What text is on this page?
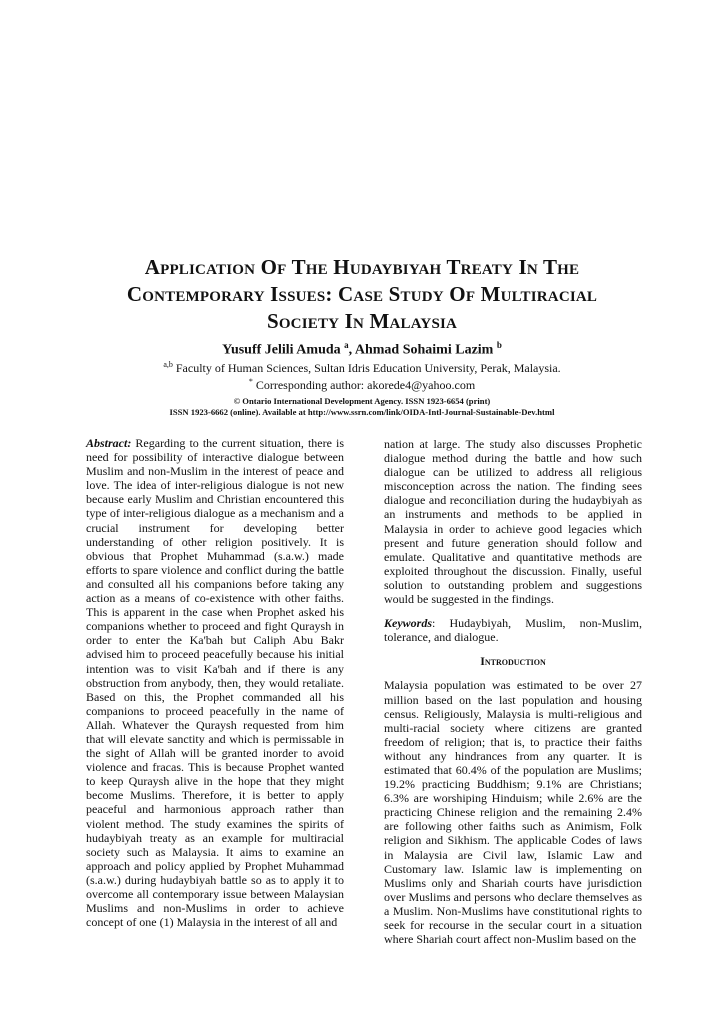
Application Of The Hudaybiyah Treaty In The
Contemporary Issues: Case Study Of Multiracial
Society In Malaysia
Yusuff Jelili Amuda $^a$, Ahmad Sohaimi Lazim $^b$
$^{a,b}$ Faculty of Human Sciences, Sultan Idris Education University, Perak, Malaysia.
* Corresponding author: akorede4@yahoo.com
© Ontario International Development Agency. ISSN 1923-6654 (print)
ISSN 1923-6662 (online). Available at http://www.ssrn.com/link/OIDA-Intl-Journal-Sustainable-Dev.html

Abstract: Regarding to the current situation, there is need for possibility of interactive dialogue between Muslim and non-Muslim in the interest of peace and love. The idea of inter-religious dialogue is not new because early Muslim and Christian encountered this type of inter-religious dialogue as a mechanism and a crucial instrument for developing better understanding of other religion positively. It is obvious that Prophet Muhammad (s.a.w.) made efforts to spare violence and conflict during the battle and consulted all his companions before taking any action as a means of co-existence with other faiths. This is apparent in the case when Prophet asked his companions whether to proceed and fight Quraysh in order to enter the Ka'bah but Caliph Abu Bakr advised him to proceed peacefully because his initial intention was to visit Ka'bah and if there is any obstruction from anybody, then, they would retaliate. Based on this, the Prophet commanded all his companions to proceed peacefully in the name of Allah. Whatever the Quraysh requested from him that will elevate sanctity and which is permissable in the sight of Allah will be granted inorder to avoid violence and fracas. This is because Prophet wanted to keep Quraysh alive in the hope that they might become Muslims. Therefore, it is better to apply peaceful and harmonious approach rather than violent method. The study examines the spirits of hudaybiyah treaty as an example for multiracial society such as Malaysia. It aims to examine an approach and policy applied by Prophet Muhammad (s.a.w.) during hudaybiyah battle so as to apply it to overcome all contemporary issue between Malaysian Muslims and non-Muslims in order to achieve concept of one (1) Malaysia in the interest of all and

nation at large. The study also discusses Prophetic dialogue method during the battle and how such dialogue can be utilized to address all religious misconception across the nation. The finding sees dialogue and reconciliation during the hudaybiyah as an instruments and methods to be applied in Malaysia in order to achieve good legacies which present and future generation should follow and emulate. Qualitative and quantitative methods are exploited throughout the discussion. Finally, useful solution to outstanding problem and suggestions would be suggested in the findings.

Keywords: Hudaybiyah, Muslim, non-Muslim, tolerance, and dialogue.

Introduction

Malaysia population was estimated to be over 27 million based on the last population and housing census. Religiously, Malaysia is multi-religious and multi-racial society where citizens are granted freedom of religion; that is, to practice their faiths without any hindrances from any quarter. It is estimated that 60.4% of the population are Muslims; 19.2% practicing Buddhism; 9.1% are Christians; 6.3% are worshiping Hinduism; while 2.6% are the practicing Chinese religion and the remaining 2.4% are following other faiths such as Animism, Folk religion and Sikhism. The applicable Codes of laws in Malaysia are Civil law, Islamic Law and Customary law. Islamic law is implementing on Muslims only and Shariah courts have jurisdiction over Muslims and persons who declare themselves as a Muslim. Non-Muslims have constitutional rights to seek for recourse in the secular court in a situation where Shariah court affect non-Muslim based on the
